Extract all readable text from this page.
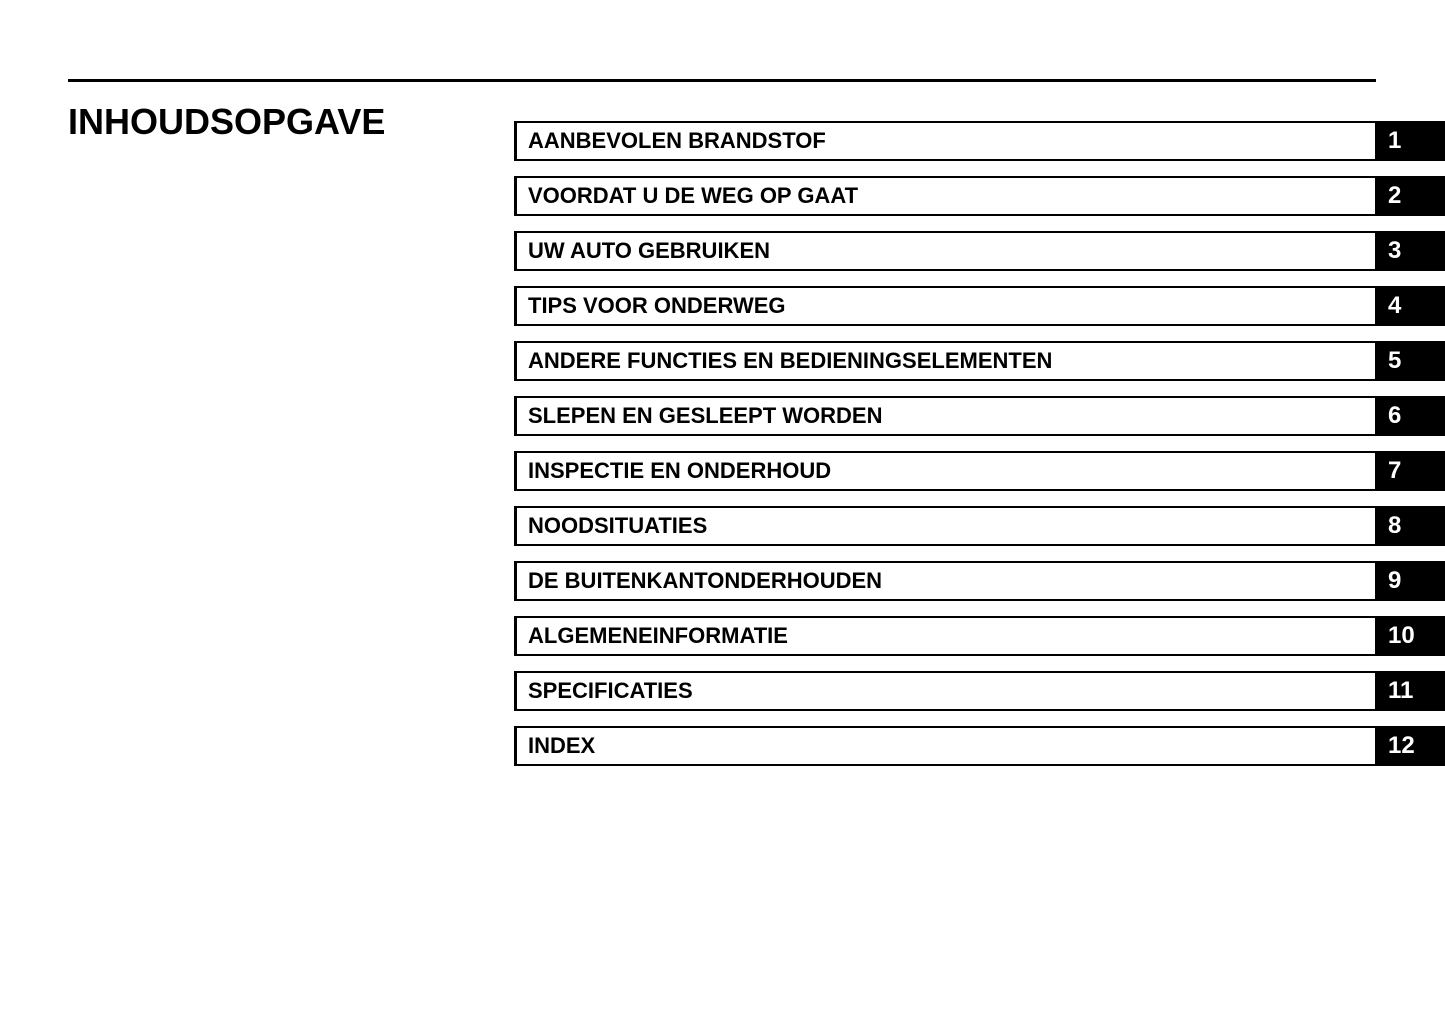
INHOUDSOPGAVE	AANBEVOLEN BRANDSTOF	1
VOORDAT U DE WEG OP GAAT	2
UW AUTO GEBRUIKEN	3
TIPS VOOR ONDERWEG	4
ANDERE FUNCTIES EN BEDIENINGSELEMENTEN	5
SLEPEN EN GESLEEPT WORDEN	6
INSPECTIE EN ONDERHOUD	7
NOODSITUATIES	8
DE BUITENKANTONDERHOUDEN	9
ALGEMENEINFORMATIE	10
SPECIFICATIES	11
INDEX	12
